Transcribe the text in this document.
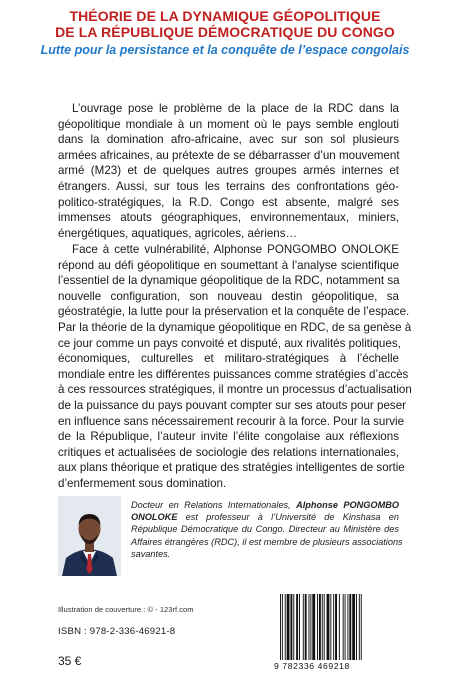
THÉORIE DE LA DYNAMIQUE GÉOPOLITIQUE
DE LA RÉPUBLIQUE DÉMOCRATIQUE DU CONGO
Lutte pour la persistance et la conquête de l’espace congolais
L’ouvrage pose le problème de la place de la RDC dans la
géopolitique mondiale à un moment où le pays semble englouti
dans la domination afro-africaine, avec sur son sol plusieurs
armées africaines, au prétexte de se débarrasser d’un mouvement
armé (M23) et de quelques autres groupes armés internes et
étrangers. Aussi, sur tous les terrains des confrontations géo-
politico-stratégiques, la R.D. Congo est absente, malgré ses
immenses atouts géographiques, environnementaux, miniers,
énergétiques, aquatiques, agricoles, aériens…
Face à cette vulnérabilité, Alphonse PONGOMBO ONOLOKE
répond au défi géopolitique en soumettant à l’analyse scientifique
l’essentiel de la dynamique géopolitique de la RDC, notamment sa
nouvelle configuration, son nouveau destin géopolitique, sa
géostratégie, la lutte pour la préservation et la conquête de l’espace.
Par la théorie de la dynamique géopolitique en RDC, de sa genèse à
ce jour comme un pays convoité et disputé, aux rivalités politiques,
économiques, culturelles et militaro-stratégiques à l’échelle
mondiale entre les différentes puissances comme stratégies d’accès
à ces ressources stratégiques, il montre un processus d’actualisation
de la puissance du pays pouvant compter sur ses atouts pour peser
en influence sans nécessairement recourir à la force. Pour la survie
de la République, l’auteur invite l’élite congolaise aux réflexions
critiques et actualisées de sociologie des relations internationales,
aux plans théorique et pratique des stratégies intelligentes de sortie
d’enfermement sous domination.
Docteur en Relations Internationales, Alphonse PONGOMBO
ONOLOKE est professeur à l’Université de Kinshasa en
République Démocratique du Congo. Directeur au Ministère des
Affaires étrangères (RDC), il est membre de plusieurs associations
savantes.
Illustration de couverture : © - 123rf.com
ISBN : 978-2-336-46921-8
35 €	9 782336 469218
